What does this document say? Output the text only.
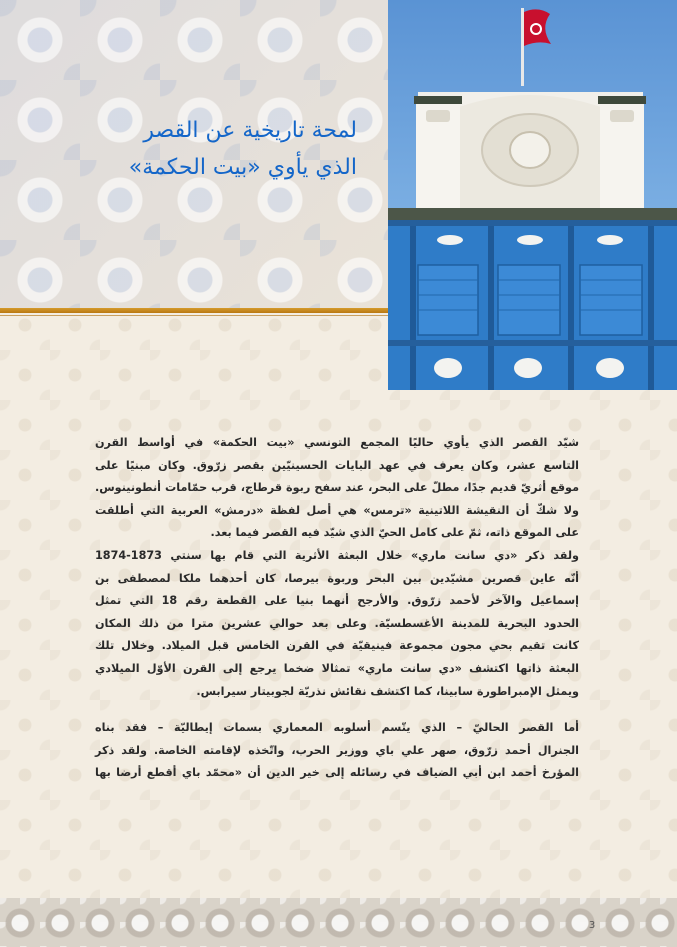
لمحة تاريخية عن القصر
الذي يأوي «بيت الحكمة»

شيّد القصر الذي يأوي حاليًا المجمع التونسي «بيت الحكمة» في أواسط القرن
التاسع عشر، وكان يعرف في عهد البايات الحسينيّين بقصر زرّوق. وكان مبنيًا على
موقع أثريّ قديم جدًا، مطلّ على البحر، عند سفح ربوة قرطاج، قرب حمّامات أنطونينوس.
ولا شكّ أن النقيشة اللاتينية «ترمس» هي أصل لفظة «درمش» العربية التي أطلقت
على الموقع ذاته، ثمّ على كامل الحيّ الذي شيّد فيه القصر فيما بعد.

ولقد ذكر «دي سانت ماري» خلال البعثة الأثرية التي قام بها سنتي 1873-1874
أنّه عاين قصرين مشيّدين بين البحر وربوة بيرصا، كان أحدهما ملكا لمصطفى بن
إسماعيل والآخر لأحمد زرّوق. والأرجح أنهما بنيا على القطعة رقم 18 التي تمثل
الحدود البحرية للمدينة الأغسطسيّة. وعلى بعد حوالي عشرين مترا من ذلك المكان
كانت تقيم بحي مجون مجموعة فينيقيّة في القرن الخامس قبل الميلاد. وخلال تلك
البعثة ذاتها اكتشف «دي سانت ماري» تمثالا ضخما يرجع إلى القرن الأوّل الميلادي
ويمثل الإمبراطورة سابينا، كما اكتشف نقائش نذريّة لجوبيتار سيرابس.

أما القصر الحاليّ – الذي يتّسم أسلوبه المعماري بسمات إيطاليّة – فقد بناه
الجنرال أحمد زرّوق، صهر علي باي ووزير الحرب، واتّخذه لإقامته الخاصة. ولقد ذكر
المؤرخ أحمد ابن أبي الضياف في رسائله إلى خير الدين أن «محمّد باي أقطع أرضا بها

3
